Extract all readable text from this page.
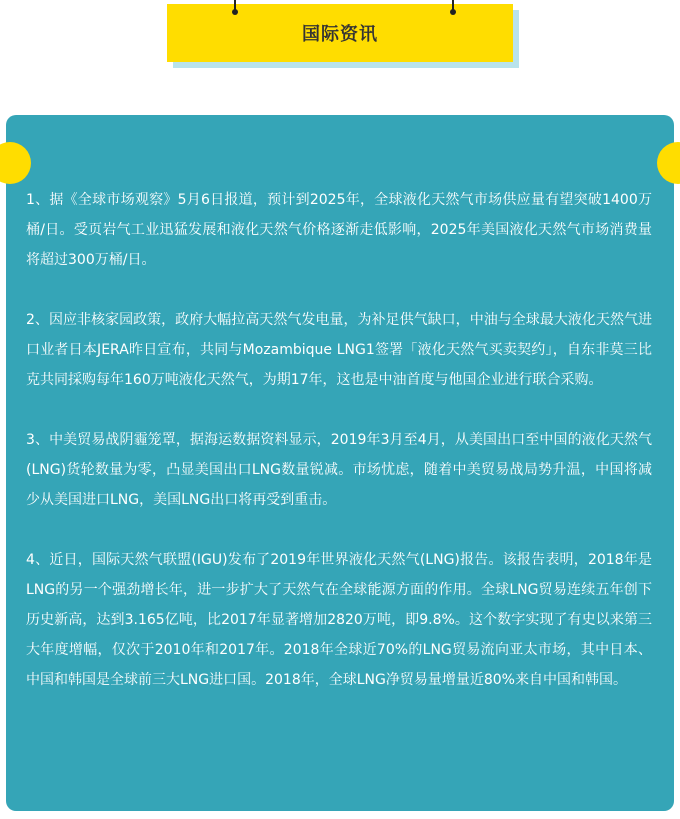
国际资讯

1、据《全球市场观察》5月6日报道，预计到2025年，全球液化天然气市场供应量有望突破1400万桶/日。受页岩气工业迅猛发展和液化天然气价格逐渐走低影响，2025年美国液化天然气市场消费量将超过300万桶/日。

2、因应非核家园政策，政府大幅拉高天然气发电量，为补足供气缺口，中油与全球最大液化天然气进口业者日本JERA昨日宣布，共同与Mozambique LNG1签署「液化天然气买卖契约」，自东非莫三比克共同採购每年160万吨液化天然气，为期17年，这也是中油首度与他国企业进行联合采购。

3、中美贸易战阴霾笼罩，据海运数据资料显示，2019年3月至4月，从美国出口至中国的液化天然气(LNG)货轮数量为零，凸显美国出口LNG数量锐减。市场忧虑，随着中美贸易战局势升温，中国将减少从美国进口LNG，美国LNG出口将再受到重击。

4、近日，国际天然气联盟(IGU)发布了2019年世界液化天然气(LNG)报告。该报告表明，2018年是LNG的另一个强劲增长年，进一步扩大了天然气在全球能源方面的作用。全球LNG贸易连续五年创下历史新高，达到3.165亿吨，比2017年显著增加2820万吨，即9.8%。这个数字实现了有史以来第三大年度增幅，仅次于2010年和2017年。2018年全球近70%的LNG贸易流向亚太市场，其中日本、中国和韩国是全球前三大LNG进口国。2018年，全球LNG净贸易量增量近80%来自中国和韩国。
